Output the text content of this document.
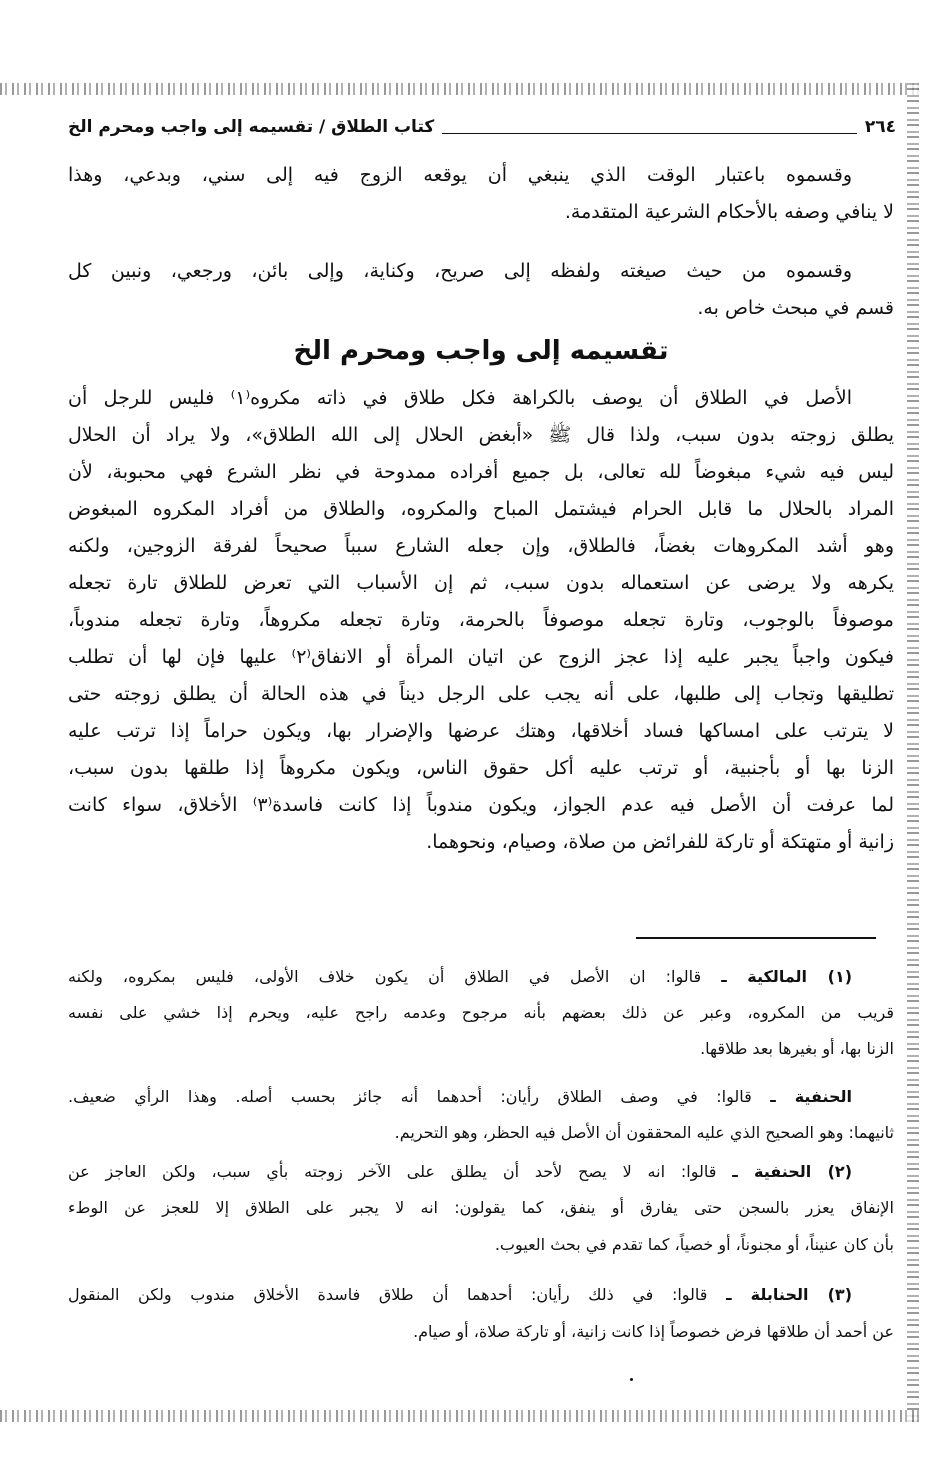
٢٦٤
كتاب الطلاق / تقسيمه إلى واجب ومحرم الخ
وقسموه باعتبار الوقت الذي ينبغي أن يوقعه الزوج فيه إلى سني، وبدعي، وهذا
لا ينافي وصفه بالأحكام الشرعية المتقدمة.
وقسموه من حيث صيغته ولفظه إلى صريح، وكناية، وإلى بائن، ورجعي، ونبين كل
قسم في مبحث خاص به.
تقسيمه إلى واجب ومحرم الخ
الأصل في الطلاق أن يوصف بالكراهة فكل طلاق في ذاته مكروه⁽١⁾ فليس للرجل أن
يطلق زوجته بدون سبب، ولذا قال ﷺ «أبغض الحلال إلى الله الطلاق»، ولا يراد أن الحلال
ليس فيه شيء مبغوضاً لله تعالى، بل جميع أفراده ممدوحة في نظر الشرع فهي محبوبة، لأن
المراد بالحلال ما قابل الحرام فيشتمل المباح والمكروه، والطلاق من أفراد المكروه المبغوض
وهو أشد المكروهات بغضاً، فالطلاق، وإن جعله الشارع سبباً صحيحاً لفرقة الزوجين، ولكنه
يكرهه ولا يرضى عن استعماله بدون سبب، ثم إن الأسباب التي تعرض للطلاق تارة تجعله
موصوفاً بالوجوب، وتارة تجعله موصوفاً بالحرمة، وتارة تجعله مكروهاً، وتارة تجعله مندوباً،
فيكون واجباً يجبر عليه إذا عجز الزوج عن اتيان المرأة أو الانفاق⁽٢⁾ عليها فإن لها أن تطلب
تطليقها وتجاب إلى طلبها، على أنه يجب على الرجل ديناً في هذه الحالة أن يطلق زوجته حتى
لا يترتب على امساكها فساد أخلاقها، وهتك عرضها والإضرار بها، ويكون حراماً إذا ترتب عليه
الزنا بها أو بأجنبية، أو ترتب عليه أكل حقوق الناس، ويكون مكروهاً إذا طلقها بدون سبب،
لما عرفت أن الأصل فيه عدم الجواز، ويكون مندوباً إذا كانت فاسدة⁽٣⁾ الأخلاق، سواء كانت
زانية أو متهتكة أو تاركة للفرائض من صلاة، وصيام، ونحوهما.
(١) المالكية ـ قالوا: ان الأصل في الطلاق أن يكون خلاف الأولى، فليس بمكروه، ولكنه
قريب من المكروه، وعبر عن ذلك بعضهم بأنه مرجوح وعدمه راجح عليه، ويحرم إذا خشي على نفسه
الزنا بها، أو بغيرها بعد طلاقها.
الحنفية ـ قالوا: في وصف الطلاق رأيان: أحدهما أنه جائز بحسب أصله. وهذا الرأي ضعيف.
ثانيهما: وهو الصحيح الذي عليه المحققون أن الأصل فيه الحظر، وهو التحريم.
(٢) الحنفية ـ قالوا: انه لا يصح لأحد أن يطلق على الآخر زوجته بأي سبب، ولكن العاجز عن
الإنفاق يعزر بالسجن حتى يفارق أو ينفق، كما يقولون: انه لا يجبر على الطلاق إلا للعجز عن الوطء
بأن كان عنيناً، أو مجنوناً، أو خصياً، كما تقدم في بحث العيوب.
(٣) الحنابلة ـ قالوا: في ذلك رأيان: أحدهما أن طلاق فاسدة الأخلاق مندوب ولكن المنقول
عن أحمد أن طلاقها فرض خصوصاً إذا كانت زانية، أو تاركة صلاة، أو صيام.
